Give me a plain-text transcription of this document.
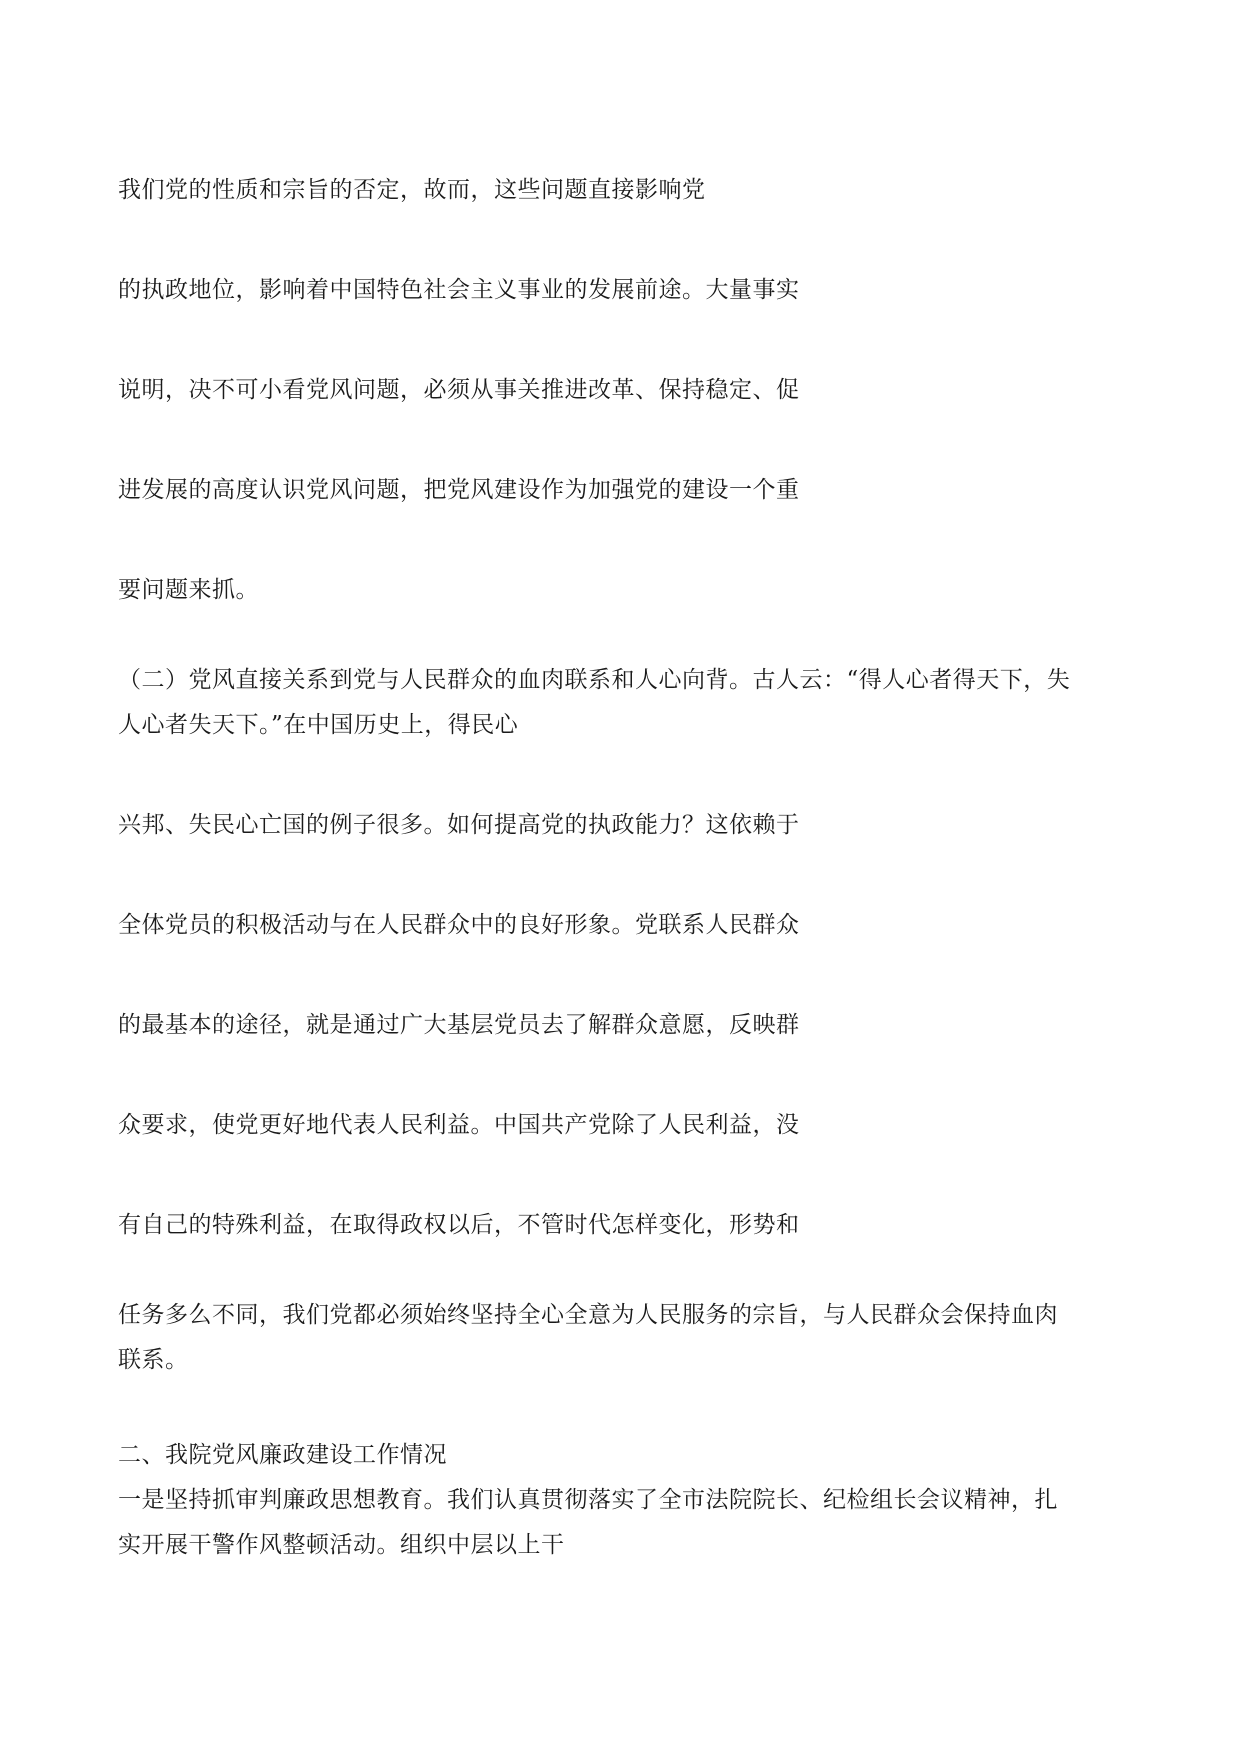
我们党的性质和宗旨的否定，故而，这些问题直接影响党
的执政地位，影响着中国特色社会主义事业的发展前途。大量事实
说明，决不可小看党风问题，必须从事关推进改革、保持稳定、促
进发展的高度认识党风问题，把党风建设作为加强党的建设一个重
要问题来抓。
（二）党风直接关系到党与人民群众的血肉联系和人心向背。古人云：“得人心者得天下，失
人心者失天下。”在中国历史上，得民心
兴邦、失民心亡国的例子很多。如何提高党的执政能力？这依赖于
全体党员的积极活动与在人民群众中的良好形象。党联系人民群众
的最基本的途径，就是通过广大基层党员去了解群众意愿，反映群
众要求，使党更好地代表人民利益。中国共产党除了人民利益，没
有自己的特殊利益，在取得政权以后，不管时代怎样变化，形势和
任务多么不同，我们党都必须始终坚持全心全意为人民服务的宗旨，与人民群众会保持血肉
联系。
二、我院党风廉政建设工作情况
一是坚持抓审判廉政思想教育。我们认真贯彻落实了全市法院院长、纪检组长会议精神，扎
实开展干警作风整顿活动。组织中层以上干
